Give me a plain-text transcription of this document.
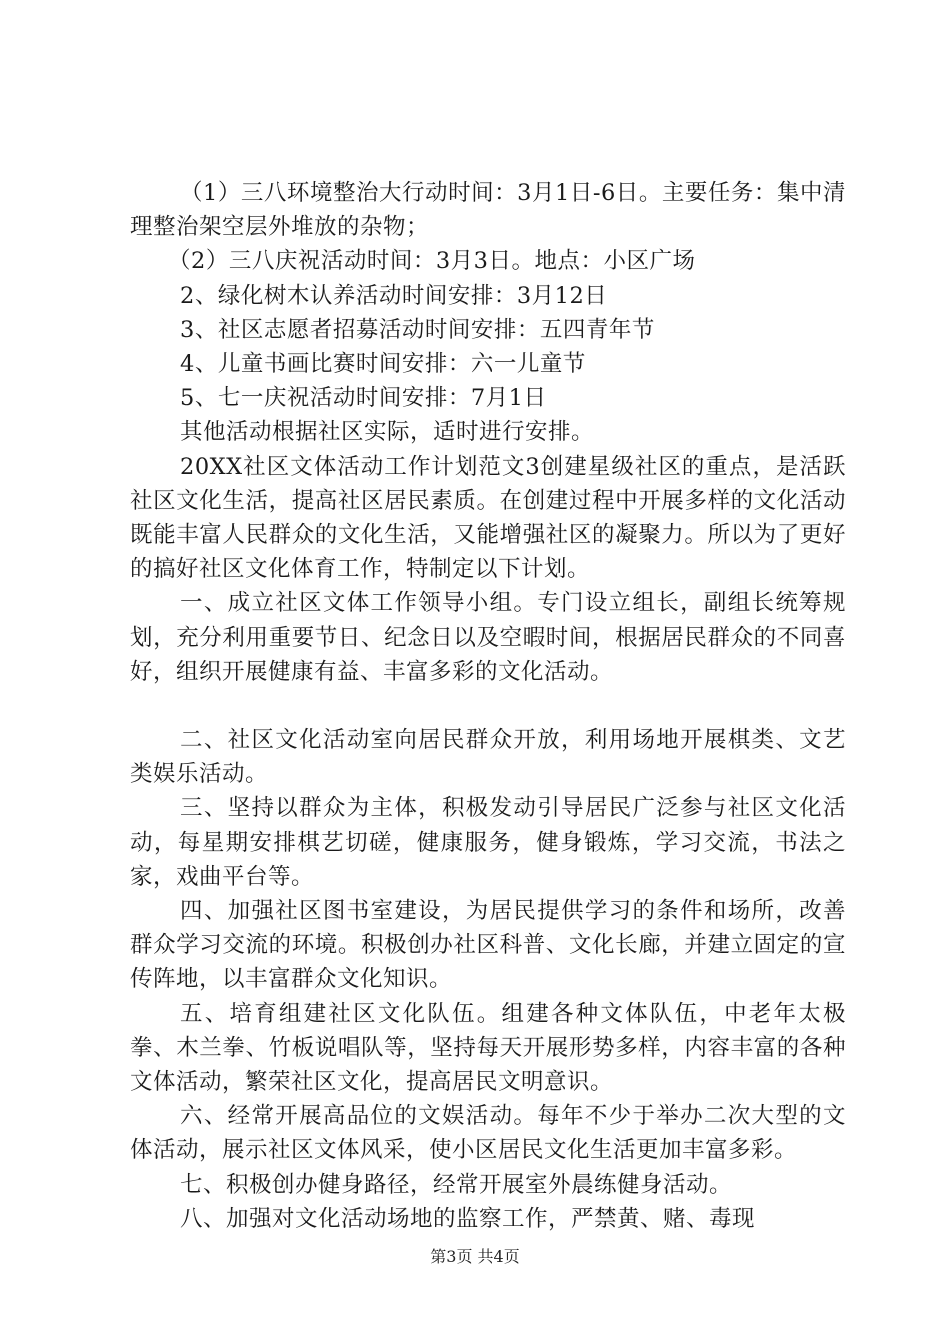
（1）三八环境整治大行动时间：3月1日-6日。主要任务：集中清理整治架空层外堆放的杂物；

（2）三八庆祝活动时间：3月3日。地点：小区广场

2、绿化树木认养活动时间安排：3月12日

3、社区志愿者招募活动时间安排：五四青年节

4、儿童书画比赛时间安排：六一儿童节

5、七一庆祝活动时间安排：7月1日

其他活动根据社区实际，适时进行安排。

20XX社区文体活动工作计划范文3创建星级社区的重点，是活跃社区文化生活，提高社区居民素质。在创建过程中开展多样的文化活动既能丰富人民群众的文化生活，又能增强社区的凝聚力。所以为了更好的搞好社区文化体育工作，特制定以下计划。

一、成立社区文体工作领导小组。专门设立组长，副组长统筹规划，充分利用重要节日、纪念日以及空暇时间，根据居民群众的不同喜好，组织开展健康有益、丰富多彩的文化活动。

二、社区文化活动室向居民群众开放，利用场地开展棋类、文艺类娱乐活动。

三、坚持以群众为主体，积极发动引导居民广泛参与社区文化活动，每星期安排棋艺切磋，健康服务，健身锻炼，学习交流，书法之家，戏曲平台等。

四、加强社区图书室建设，为居民提供学习的条件和场所，改善群众学习交流的环境。积极创办社区科普、文化长廊，并建立固定的宣传阵地，以丰富群众文化知识。

五、培育组建社区文化队伍。组建各种文体队伍，中老年太极拳、木兰拳、竹板说唱队等，坚持每天开展形势多样，内容丰富的各种文体活动，繁荣社区文化，提高居民文明意识。

六、经常开展高品位的文娱活动。每年不少于举办二次大型的文体活动，展示社区文体风采，使小区居民文化生活更加丰富多彩。

七、积极创办健身路径，经常开展室外晨练健身活动。

八、加强对文化活动场地的监察工作，严禁黄、赌、毒现

第3页 共4页
